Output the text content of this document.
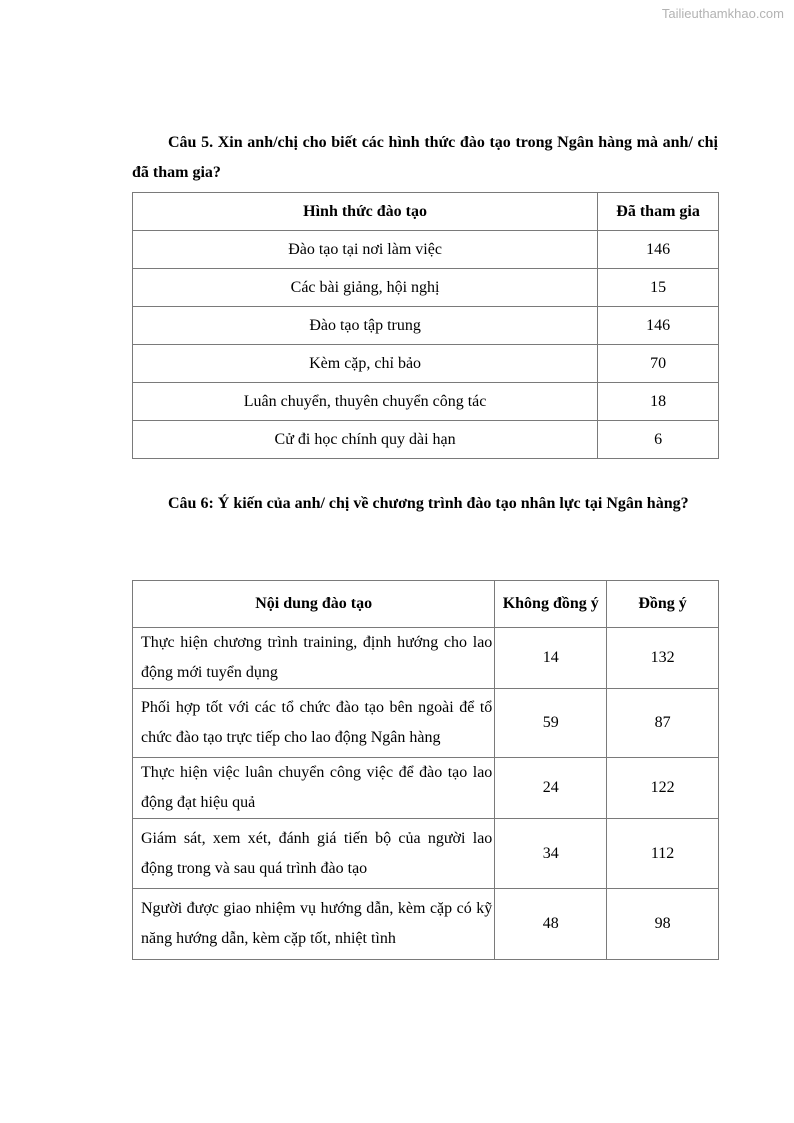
Tailieuthamkhao.com
Câu 5. Xin anh/chị cho biết các hình thức đào tạo trong Ngân hàng mà anh/ chị đã tham gia?
Hình thức đào tạo	Đã tham gia
Đào tạo tại nơi làm việc	146
Các bài giảng, hội nghị	15
Đào tạo tập trung	146
Kèm cặp, chỉ bảo	70
Luân chuyển, thuyên chuyển công tác	18
Cử đi học chính quy dài hạn	6
Câu 6: Ý kiến của anh/ chị về chương trình đào tạo nhân lực tại Ngân hàng?
Nội dung đào tạo	Không đồng ý	Đồng ý
Thực hiện chương trình training, định hướng cho lao động mới tuyển dụng	14	132
Phối hợp tốt với các tổ chức đào tạo bên ngoài để tổ chức đào tạo trực tiếp cho lao động Ngân hàng	59	87
Thực hiện việc luân chuyển công việc để đào tạo lao động đạt hiệu quả	24	122
Giám sát, xem xét, đánh giá tiến bộ của người lao động trong và sau quá trình đào tạo	34	112
Người được giao nhiệm vụ hướng dẫn, kèm cặp có kỹ năng hướng dẫn, kèm cặp tốt, nhiệt tình	48	98
